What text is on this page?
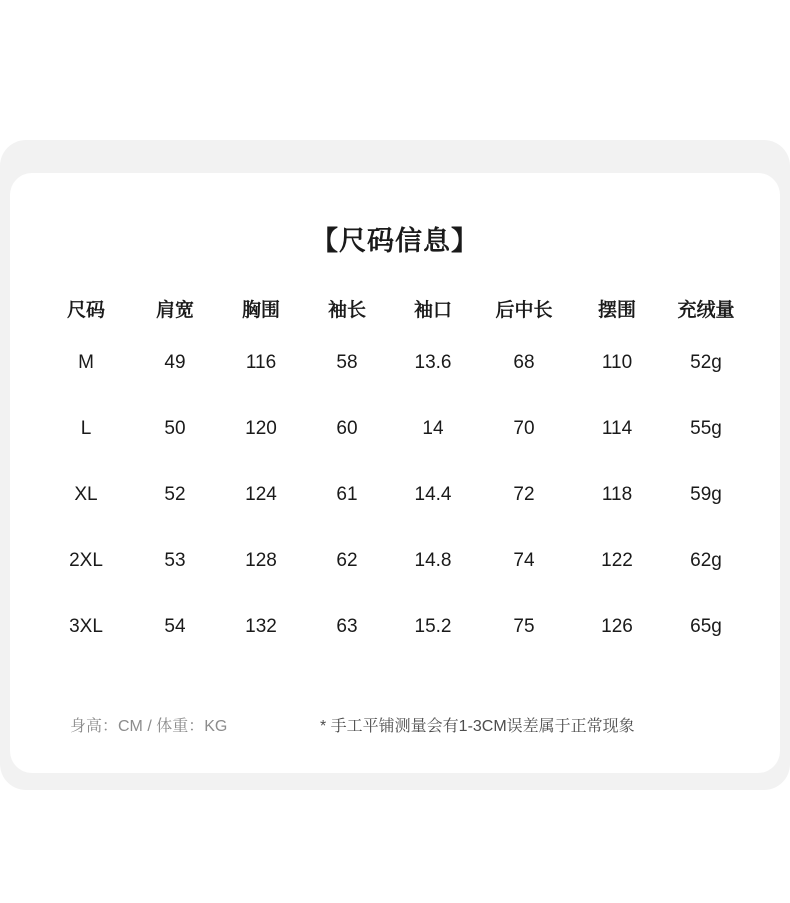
【尺码信息】
尺码	肩宽	胸围	袖长	袖口	后中长	摆围	充绒量
M	49	116	58	13.6	68	110	52g
L	50	120	60	14	70	114	55g
XL	52	124	61	14.4	72	118	59g
2XL	53	128	62	14.8	74	122	62g
3XL	54	132	63	15.2	75	126	65g
身高：CM / 体重：KG	* 手工平铺测量会有1-3CM误差属于正常现象
